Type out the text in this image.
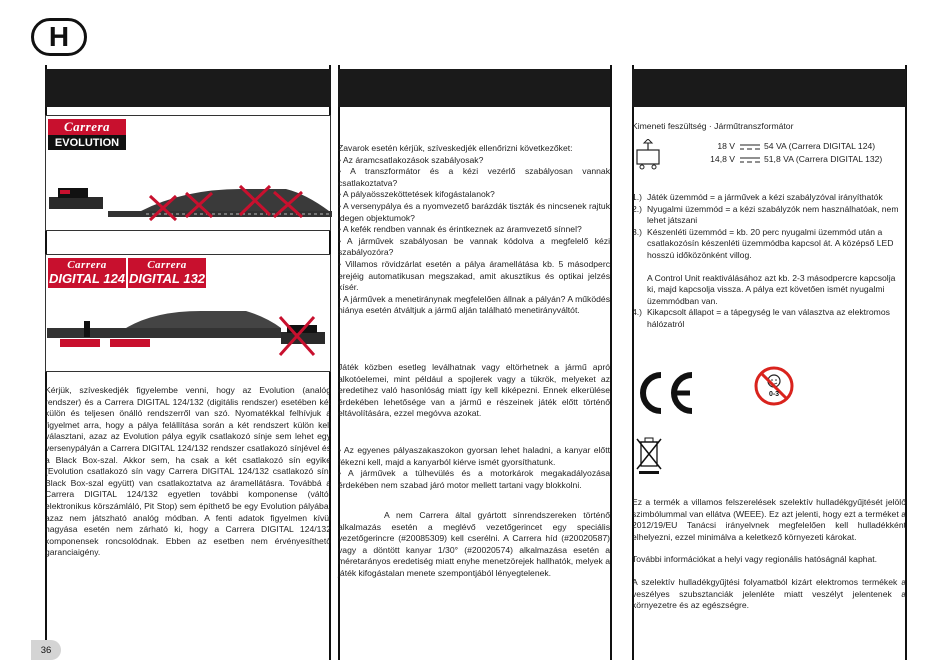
H
Carrera
EVOLUTION
Carrera
DIGITAL 124
Carrera
DIGITAL 132

Kérjük, szíveskedjék figyelembe venni, hogy az Evolution (analóg rendszer) és a Carrera DIGITAL 124/132 (digitális rendszer) esetében két külön és teljesen önálló rendszerről van szó. Nyomatékkal felhívjuk a figyelmet arra, hogy a pálya felállítása során a két rendszert külön kell választani, azaz az Evolution pálya egyik csatlakozó sínje sem lehet egy versenypályán a Carrera DIGITAL 124/132 rendszer csatlakozó sínjével és a Black Box-szal. Akkor sem, ha csak a két csatlakozó sín egyike (Evolution csatlakozó sín vagy Carrera DIGITAL 124/132 csatlakozó sín, Black Box-szal együtt) van csatlakoztatva az áramellátásra. Továbbá a Carrera DIGITAL 124/132 egyetlen további komponense (váltó, elektronikus körszámláló, Pit Stop) sem építhető be egy Evolution pályába, azaz nem játszható analóg módban. A fenti adatok figyelmen kívül hagyása esetén nem zárható ki, hogy a Carrera DIGITAL 124/132 komponensek roncsolódnak. Ebben az esetben nem érvényesíthető garanciaigény.

Zavarok esetén kérjük, szíveskedjék ellenőrizni következőket:

• Az áramcsatlakozások szabályosak?

• A transzformátor és a kézi vezérlő szabályosan vannak csatlakoztatva?

• A pályaösszeköttetések kifogástalanok?

• A versenypálya és a nyomvezető barázdák tiszták és nincsenek rajtuk idegen objektumok?

• A kefék rendben vannak és érintkeznek az áramvezető sínnel?

• A járművek szabályosan be vannak kódolva a megfelelő kézi szabályozóra?

• Villamos rövidzárlat esetén a pálya áramellátása kb. 5 másodperc erejéig automatikusan megszakad, amit akusztikus és optikai jelzés kísér.

• A járművek a menetiránynak megfelelően állnak a pályán? A működés hiánya esetén átváltjuk a jármű alján található menetirányváltót.

Játék közben esetleg leválhatnak vagy eltörhetnek a jármű apró alkotóelemei, mint például a spojlerek vagy a tükrök, melyeket az eredetihez való hasonlóság miatt így kell kiképezni. Ennek elkerülése érdekében lehetősége van a jármű e részeinek játék előtt történő eltávolítására, ezzel megóvva azokat.

• Az egyenes pályaszakaszokon gyorsan lehet haladni, a kanyar előtt fékezni kell, majd a kanyarból kiérve ismét gyorsíthatunk.

• A járművek a túlhevülés és a motorkárok megakadályozása érdekében nem szabad járó motor mellett tartani vagy blokkolni.

A nem Carrera által gyártott sínrendszereken történő alkalmazás esetén a meglévő vezetőgerincet egy speciális vezetőgerincre (#20085309) kell cserélni. A Carrera híd (#20020587) vagy a döntött kanyar 1/30° (#20020574) alkalmazása esetén a méretarányos eredetiség miatt enyhe menetzörejek hallhatók, melyek a játék kifogástalan menete szempontjából lényegtelenek.

Kimeneti feszültség · Járműtranszformátor
18 V	54 VA (Carrera DIGITAL 124)
14,8 V	51,8 VA (Carrera DIGITAL 132)
1.) Játék üzemmód = a járművek a kézi szabályzóval irányíthatók
2.) Nyugalmi üzemmód = a kézi szabályzók nem használhatóak, nem lehet játszani
3.) Készenléti üzemmód = kb. 20 perc nyugalmi üzemmód után a csatlakozósín készenléti üzemmódba kapcsol át. A középső LED hosszú időközönként villog.
A Control Unit reaktiválásához azt kb. 2-3 másodpercre kapcsolja ki, majd kapcsolja vissza. A pálya ezt követően ismét nyugalmi üzemmódban van.
4.) Kikapcsolt állapot = a tápegység le van választva az elektromos hálózatról
0-3

Ez a termék a villamos felszerelések szelektív hulladékgyűjtését jelölő szimbólummal van ellátva (WEEE). Ez azt jelenti, hogy ezt a terméket a 2012/19/EU Tanácsi irányelvnek megfelelően kell hulladékként elhelyezni, ezzel minimálva a keletkező környezeti károkat.

További információkat a helyi vagy regionális hatóságnál kaphat.

A szelektív hulladékgyűjtési folyamatból kizárt elektromos termékek a veszélyes szubsztanciák jelenléte miatt veszélyt jelentenek a környezetre és az egészségre.

36
